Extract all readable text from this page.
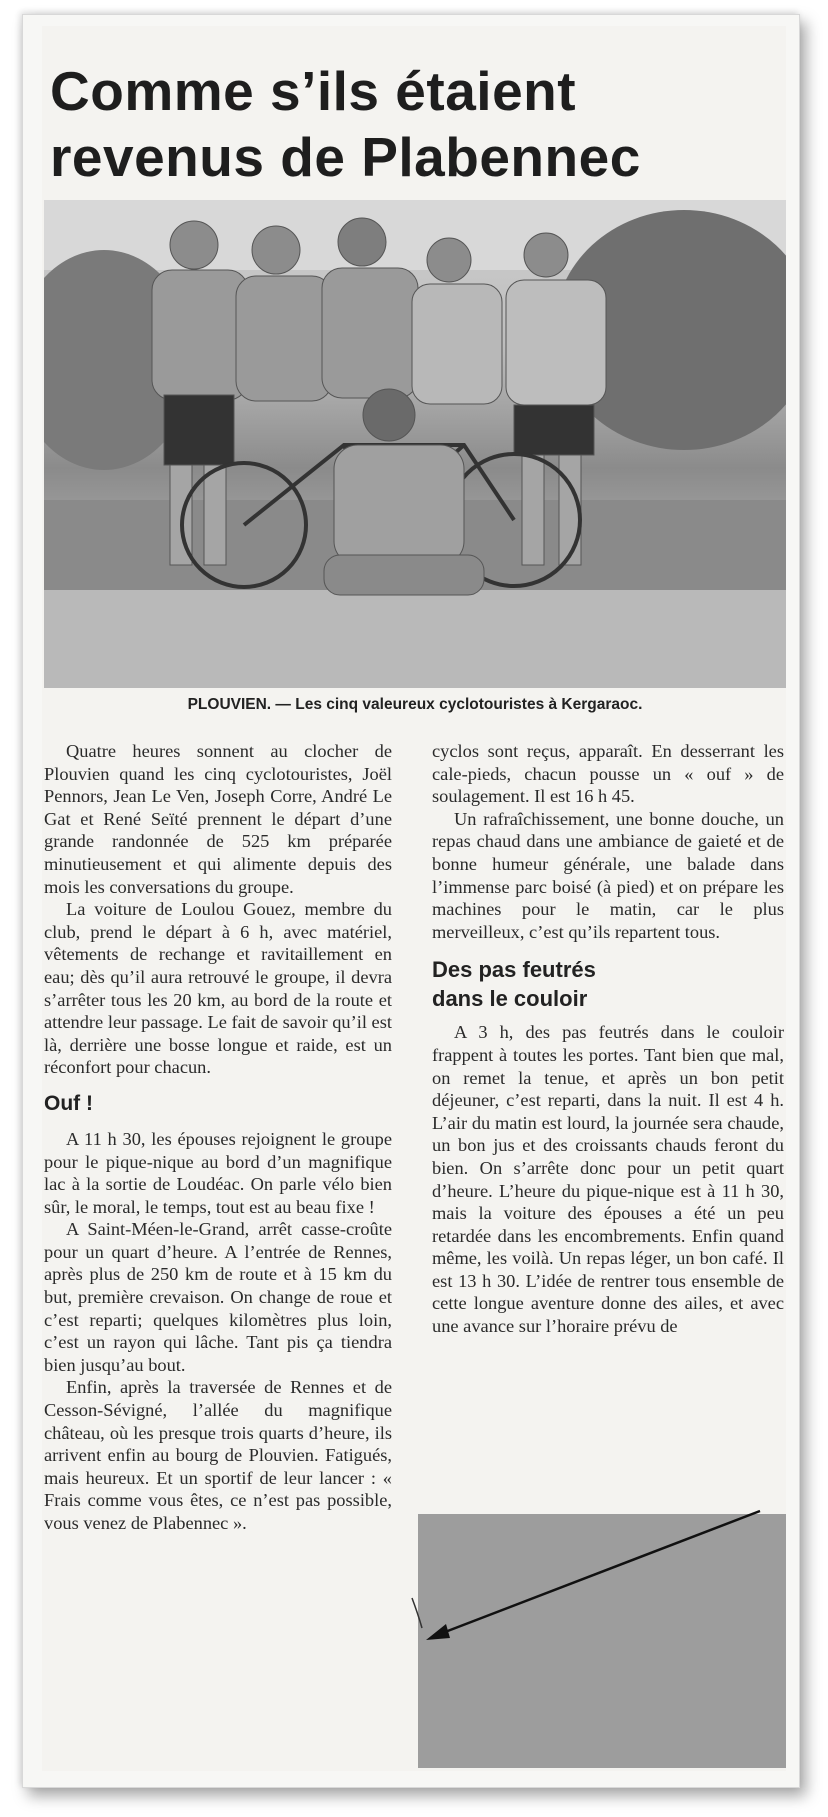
Comme s’ils étaient
revenus de Plabennec
PLOUVIEN. — Les cinq valeureux cyclotouristes à Kergaraoc.

Quatre heures sonnent au clocher de Plouvien quand les cinq cyclotouristes, Joël Pennors, Jean Le Ven, Joseph Corre, André Le Gat et René Seïté prennent le départ d’une grande randonnée de 525 km préparée minutieusement et qui alimente depuis des mois les conversations du groupe.

La voiture de Loulou Gouez, membre du club, prend le départ à 6 h, avec matériel, vêtements de rechange et ravitaillement en eau; dès qu’il aura retrouvé le groupe, il devra s’arrêter tous les 20 km, au bord de la route et attendre leur passage. Le fait de savoir qu’il est là, derrière une bosse longue et raide, est un réconfort pour chacun.

Ouf !

A 11 h 30, les épouses rejoignent le groupe pour le pique-nique au bord d’un magnifique lac à la sortie de Loudéac. On parle vélo bien sûr, le moral, le temps, tout est au beau fixe !

A Saint-Méen-le-Grand, arrêt casse-croûte pour un quart d’heure. A l’entrée de Rennes, après plus de 250 km de route et à 15 km du but, première crevaison. On change de roue et c’est reparti; quelques kilomètres plus loin, c’est un rayon qui lâche. Tant pis ça tiendra bien jusqu’au bout.

Enfin, après la traversée de Rennes et de Cesson-Sévigné, l’allée du magnifique château, où les presque trois quarts d’heure, ils arrivent enfin au bourg de Plouvien. Fatigués, mais heureux. Et un sportif de leur lancer : « Frais comme vous êtes, ce n’est pas possible, vous venez de Plabennec ».

cyclos sont reçus, apparaît. En desserrant les cale-pieds, chacun pousse un « ouf » de soulagement. Il est 16 h 45.

Un rafraîchissement, une bonne douche, un repas chaud dans une ambiance de gaieté et de bonne humeur générale, une balade dans l’immense parc boisé (à pied) et on prépare les machines pour le matin, car le plus merveilleux, c’est qu’ils repartent tous.

Des pas feutrés
dans le couloir

A 3 h, des pas feutrés dans le couloir frappent à toutes les portes. Tant bien que mal, on remet la tenue, et après un bon petit déjeuner, c’est reparti, dans la nuit. Il est 4 h. L’air du matin est lourd, la journée sera chaude, un bon jus et des croissants chauds feront du bien. On s’arrête donc pour un petit quart d’heure. L’heure du pique-nique est à 11 h 30, mais la voiture des épouses a été un peu retardée dans les encombrements. Enfin quand même, les voilà. Un repas léger, un bon café. Il est 13 h 30. L’idée de rentrer tous ensemble de cette longue aventure donne des ailes, et avec une avance sur l’horaire prévu de
